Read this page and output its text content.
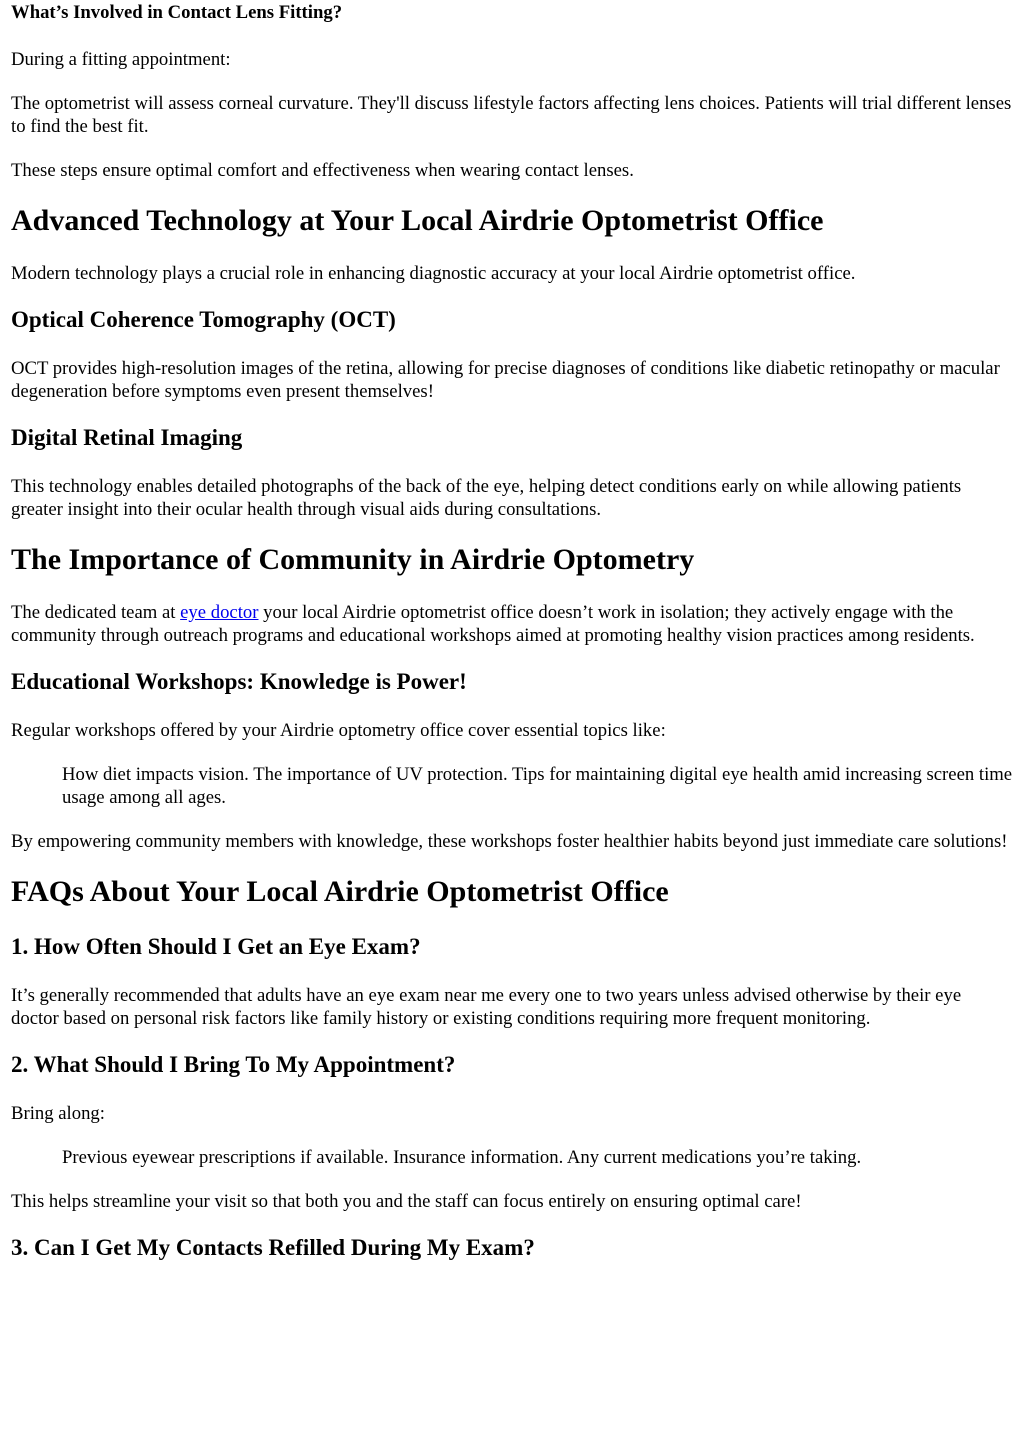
What’s Involved in Contact Lens Fitting?

During a fitting appointment:

The optometrist will assess corneal curvature. They'll discuss lifestyle factors affecting lens choices. Patients will trial different lenses to find the best fit.

These steps ensure optimal comfort and effectiveness when wearing contact lenses.

Advanced Technology at Your Local Airdrie Optometrist Office

Modern technology plays a crucial role in enhancing diagnostic accuracy at your local Airdrie optometrist office.

Optical Coherence Tomography (OCT)

OCT provides high-resolution images of the retina, allowing for precise diagnoses of conditions like diabetic retinopathy or macular degeneration before symptoms even present themselves!

Digital Retinal Imaging

This technology enables detailed photographs of the back of the eye, helping detect conditions early on while allowing patients greater insight into their ocular health through visual aids during consultations.

The Importance of Community in Airdrie Optometry

The dedicated team at eye doctor your local Airdrie optometrist office doesn’t work in isolation; they actively engage with the community through outreach programs and educational workshops aimed at promoting healthy vision practices among residents.

Educational Workshops: Knowledge is Power!

Regular workshops offered by your Airdrie optometry office cover essential topics like:

How diet impacts vision. The importance of UV protection. Tips for maintaining digital eye health amid increasing screen time usage among all ages.

By empowering community members with knowledge, these workshops foster healthier habits beyond just immediate care solutions!

FAQs About Your Local Airdrie Optometrist Office
1. How Often Should I Get an Eye Exam?

It’s generally recommended that adults have an eye exam near me every one to two years unless advised otherwise by their eye doctor based on personal risk factors like family history or existing conditions requiring more frequent monitoring.

2. What Should I Bring To My Appointment?

Bring along:

Previous eyewear prescriptions if available. Insurance information. Any current medications you’re taking.

This helps streamline your visit so that both you and the staff can focus entirely on ensuring optimal care!

3. Can I Get My Contacts Refilled During My Exam?
